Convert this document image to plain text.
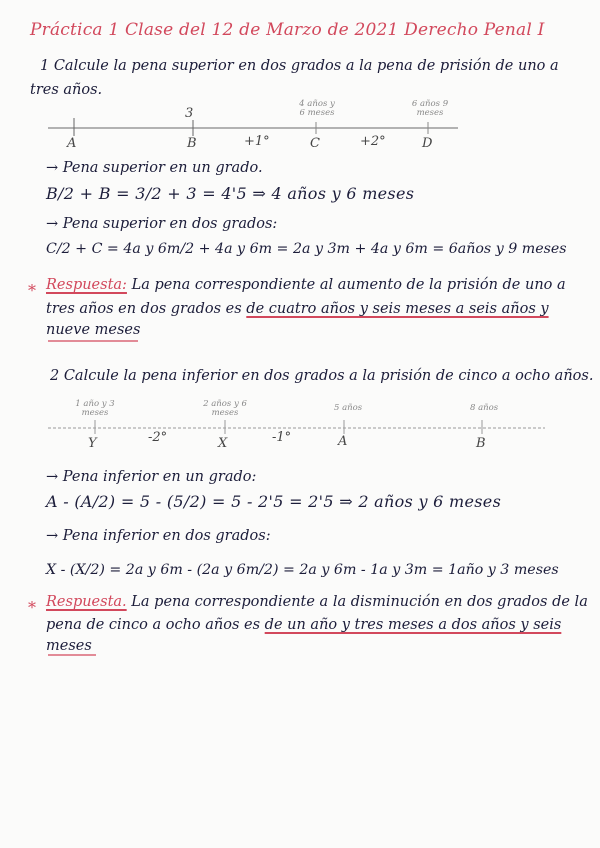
Práctica 1 Clase del 12 de Marzo de 2021 Derecho Penal I
1 Calcule la pena superior en dos grados a la pena de prisión de uno a
tres años.
3
4 años y 6 meses
6 años 9 meses
A	B	C	D
+1°	+2°
→ Pena superior en un grado.
B/2 + B = 3/2 + 3 = 4'5 ⇒ 4 años y 6 meses
→ Pena superior en dos grados:
C/2 + C = 4a y 6m/2 + 4a y 6m = 2a y 3m + 4a y 6m = 6años y 9 meses
* Respuesta: La pena correspondiente al aumento de la prisión de uno a
tres años en dos grados es de cuatro años y seis meses a seis años y
nueve meses
2 Calcule la pena inferior en dos grados a la prisión de cinco a ocho años.
1 año y 3 meses
2 años y 6 meses	5 años	8 años
Y	X	A	B
-2°	-1°
→ Pena inferior en un grado:
A - (A/2) = 5 - (5/2) = 5 - 2'5 = 2'5 ⇒ 2 años y 6 meses
→ Pena inferior en dos grados:
X - (X/2) = 2a y 6m - (2a y 6m/2) = 2a y 6m - 1a y 3m = 1año y 3 meses
* Respuesta. La pena correspondiente a la disminución en dos grados de la
pena de cinco a ocho años es de un año y tres meses a dos años y seis
meses
